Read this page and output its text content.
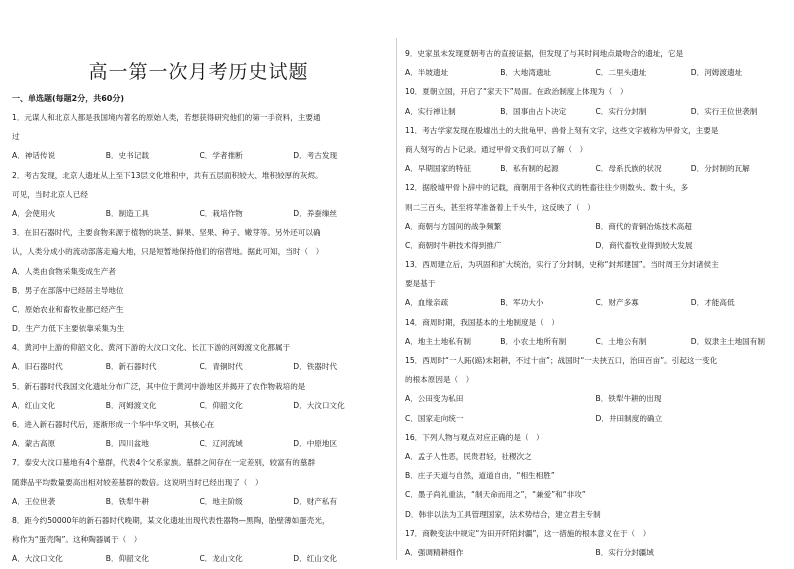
高一第一次月考历史试题

一、单选题(每题2分，共60分)

1．元谋人和北京人都是我国境内著名的原始人类，若想获得研究他们的第一手资料，主要通
过
A．神话传说	B．史书记载	C．学者推断	D．考古发现
2．考古发现，北京人遗址从上至下13层文化堆积中，共有五层面积较大、堆积较厚的灰烬。
可见，当时北京人已经
A．会使用火	B．制造工具	C．栽培作物	D．养蚕缫丝
3．在旧石器时代，主要食物来源于植物的块茎、鲜果、坚果、种子、嫩芽等。另外还可以确
认，人类分成小的流动部落走遍大地，只是短暂地保持他们的宿营地。据此可知，当时（　）
A．人类由食物采集变成生产者
B．男子在部落中已经居主导地位
C．原始农业和畜牧业都已经产生
D．生产力低下主要依靠采集为生
4．黄河中上游的仰韶文化、黄河下游的大汶口文化、长江下游的河姆渡文化都属于
A．旧石器时代	B．新石器时代	C．青铜时代	D．铁器时代
5．新石器时代我国文化遗址分布广泛，其中位于黄河中游地区并揭开了农作物栽培的是
A．红山文化	B．河姆渡文化	C．仰韶文化	D．大汶口文化
6．进入新石器时代后，逐渐形成一个华中华文明，其核心在
A．蒙古高原	B．四川盆地	C．辽河流域	D．中原地区
7．泰安大汶口墓地有4个墓群，代表4个父系家族。墓群之间存在一定差别，较富有的墓群
随葬品平均数量要高出相对较差墓群的数倍。这说明当时已经出现了（　）
A．王位世袭	B．铁犁牛耕	C．地主阶级	D．财产私有
8．距今约50000年的新石器时代晚期，某文化遗址出现代表性器物—黑陶，胎壁薄如蛋壳光，
称作为“蛋壳陶”。这种陶器属于（　）
A．大汶口文化	B．仰韶文化	C．龙山文化	D．红山文化
9．史家虽未发现夏朝考古的直接证据，但发现了与其时间地点最吻合的遗址，它是
A．半坡遗址	B．大地湾遗址	C．二里头遗址	D．河姆渡遗址
10．夏朝立国，开启了“家天下”局面。在政治制度上体现为（　）
A．实行禅让制	B．国事由占卜决定	C．实行分封制	D．实行王位世袭制
11．考古学家发现在殷墟出土的大批龟甲、兽骨上刻有文字，这些文字被称为甲骨文，主要是
商人刻写的占卜记录。通过甲骨文我们可以了解（　）
A．早期国家的特征	B．私有制的起源	C．母系氏族的状况	D．分封制的瓦解
12．据殷墟甲骨卜辞中的记载，商朝用于各种仪式的牲畜往往少则数头、数十头，多
则二三百头，甚至将苹准备着上千头牛，这反映了（　）
A．商朝与方国间的战争频繁	B．商代的青铜冶炼技术高超
C．商朝时牛耕技术得到推广	D．商代畜牧业得到较大发展
13．西周建立后，为巩固和扩大统治，实行了分封制，史称“封邦建国”。当时周王分封诸侯主
要是基于
A．血缘亲疏	B．军功大小	C．财产多寡	D．才能高低
14．商周时期，我国基本的土地制度是（　）
A．地主土地私有制	B．小农土地所有制	C．土地公有制	D．奴隶主土地国有制
15．西周时“一人跖(踮)未耜耕，不过十亩”；战国时“一夫挟五口，治田百亩”。引起这一变化
的根本原因是（　）
A．公田变为私田	B．铁犁牛耕的出现
C．国家走向统一	D．井田制度的确立
16．下列人物与观点对应正确的是（　）
A．孟子人性恶，民贵君轻，社稷次之
B．庄子天道与自然，道道自由，“相生相胜”
C．墨子尚礼重法，“制天命而用之”，“兼爱”和“非攻”
D．韩非以法为工具管理国家，法术势结合，建立君主专制
17．商鞅变法中规定“为田开阡陌封疆”，这一措施的根本意义在于（　）
A．强调精耕细作	B．实行分封疆域
